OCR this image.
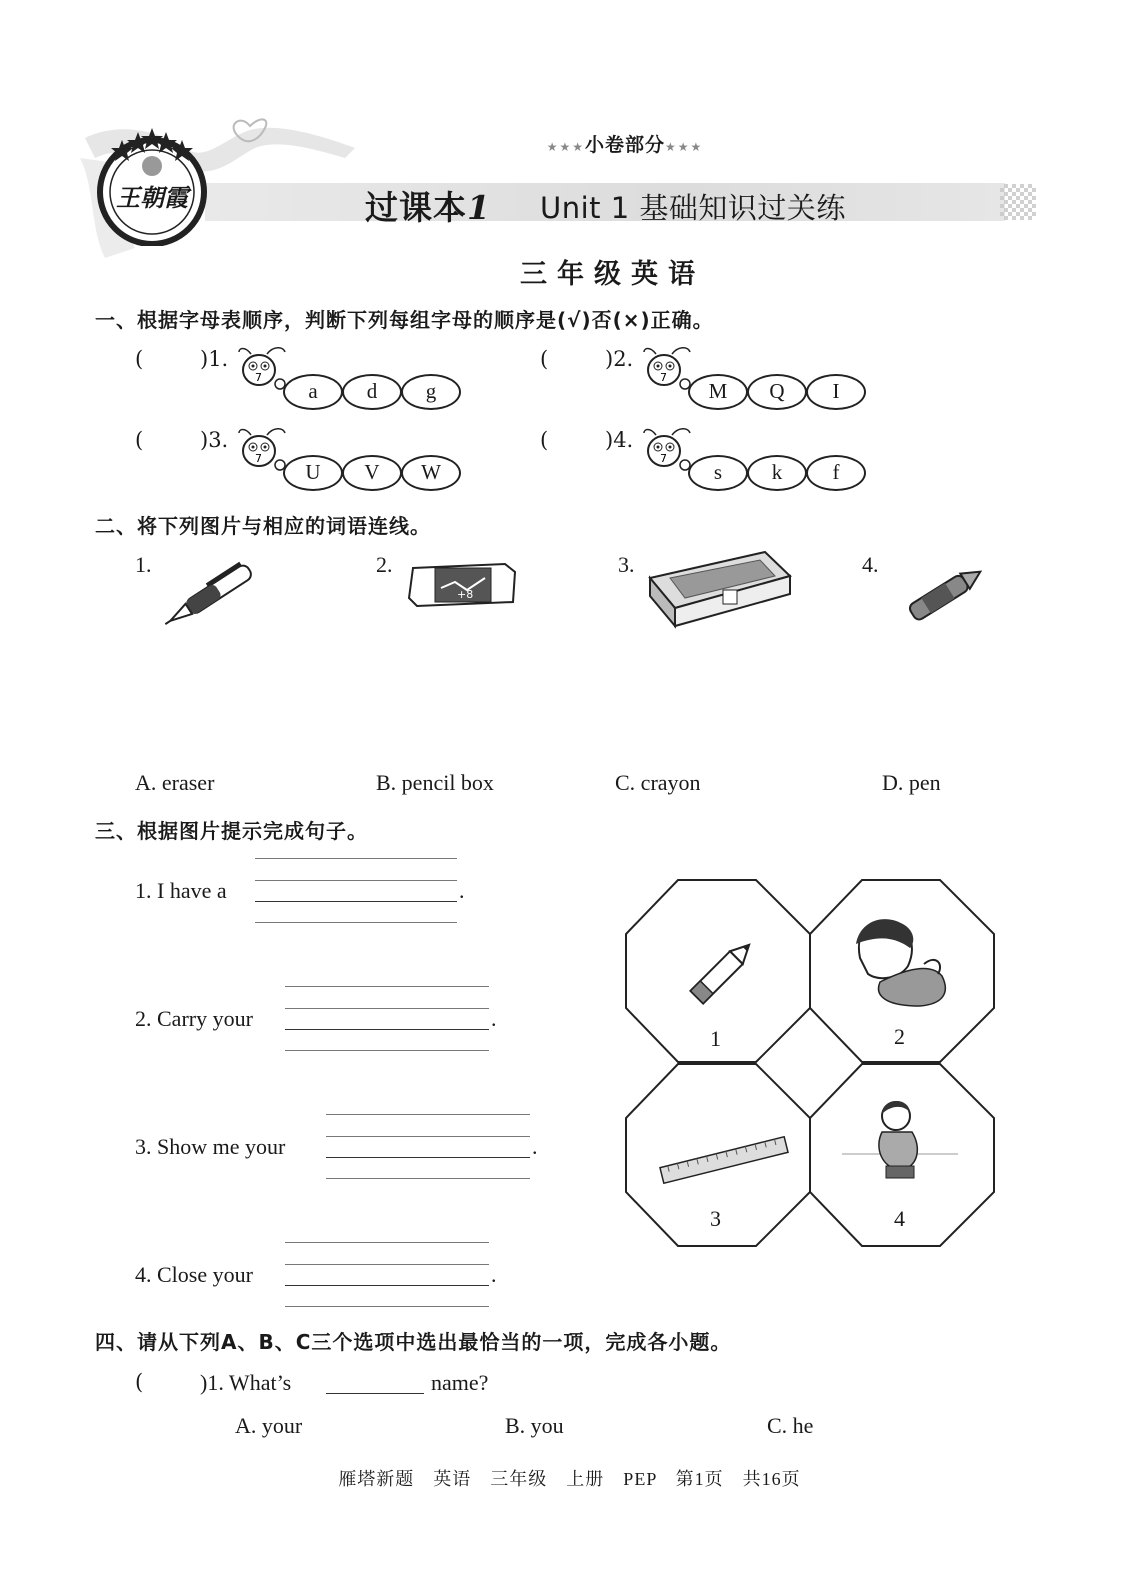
王朝霞
★★★小卷部分★★★
过课本1 Unit 1 基础知识过关练
三年级英语
一、根据字母表顺序，判断下列每组字母的顺序是(√)否(×)正确。
(	)1.	(	)2.
(	)3.	(	)4.
7	7
7	7
a	d	g	M	Q	I
U	V	W	s	k	f
二、将下列图片与相应的词语连线。
1.	2.	3.	4.
+8
A. eraser	B. pencil box	C. crayon	D. pen
三、根据图片提示完成句子。
1. I have a	.
2. Carry your	.
3. Show me your	.
4. Close your	.
1	2
3	4
四、请从下列A、B、C三个选项中选出最恰当的一项，完成各小题。
(	)1. What’s	name?
A. your	B. you	C. he
雁塔新题　英语　三年级　上册　PEP　第1页　共16页
